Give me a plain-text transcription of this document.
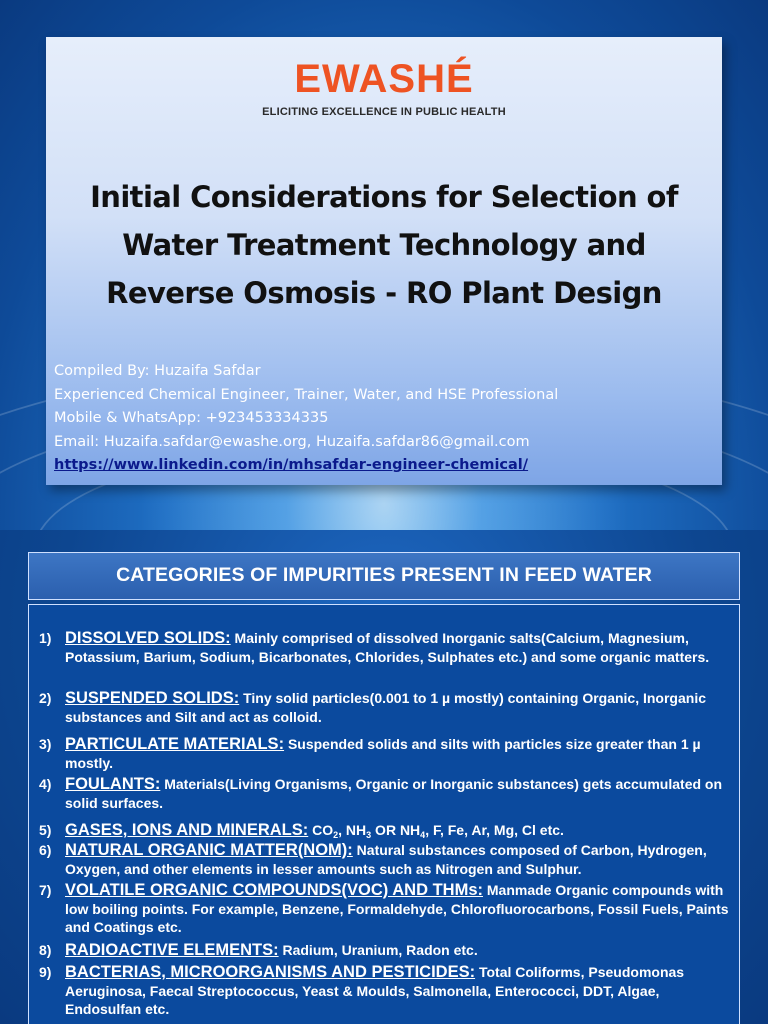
EWASHÉ
ELICITING EXCELLENCE IN PUBLIC HEALTH
Initial Considerations for Selection of
Water Treatment Technology and
Reverse Osmosis - RO Plant Design
Compiled By: Huzaifa Safdar
Experienced Chemical Engineer, Trainer, Water, and HSE Professional
Mobile & WhatsApp: +923453334335
Email: Huzaifa.safdar@ewashe.org, Huzaifa.safdar86@gmail.com
https://www.linkedin.com/in/mhsafdar-engineer-chemical/
CATEGORIES OF IMPURITIES PRESENT IN FEED WATER
1) DISSOLVED SOLIDS: Mainly comprised of dissolved Inorganic salts(Calcium, Magnesium, Potassium, Barium, Sodium, Bicarbonates, Chlorides, Sulphates etc.) and some organic matters.
2) SUSPENDED SOLIDS: Tiny solid particles(0.001 to 1 µ mostly) containing Organic, Inorganic substances and Silt and act as colloid.
3) PARTICULATE MATERIALS: Suspended solids and silts with particles size greater than 1 µ mostly.
4) FOULANTS: Materials(Living Organisms, Organic or Inorganic substances) gets accumulated on solid surfaces.
5) GASES, IONS AND MINERALS: $CO_2$, $NH_3$ OR $NH_4$, F, Fe, Ar, Mg, Cl etc.
6) NATURAL ORGANIC MATTER(NOM): Natural substances composed of Carbon, Hydrogen, Oxygen, and other elements in lesser amounts such as Nitrogen and Sulphur.
7) VOLATILE ORGANIC COMPOUNDS(VOC) AND THMs: Manmade Organic compounds with low boiling points. For example, Benzene, Formaldehyde, Chlorofluorocarbons, Fossil Fuels, Paints and Coatings etc.
8) RADIOACTIVE ELEMENTS: Radium, Uranium, Radon etc.
9) BACTERIAS, MICROORGANISMS AND PESTICIDES: Total Coliforms, Pseudomonas Aeruginosa, Faecal Streptococcus, Yeast & Moulds, Salmonella, Enterococci, DDT, Algae, Endosulfan etc.
